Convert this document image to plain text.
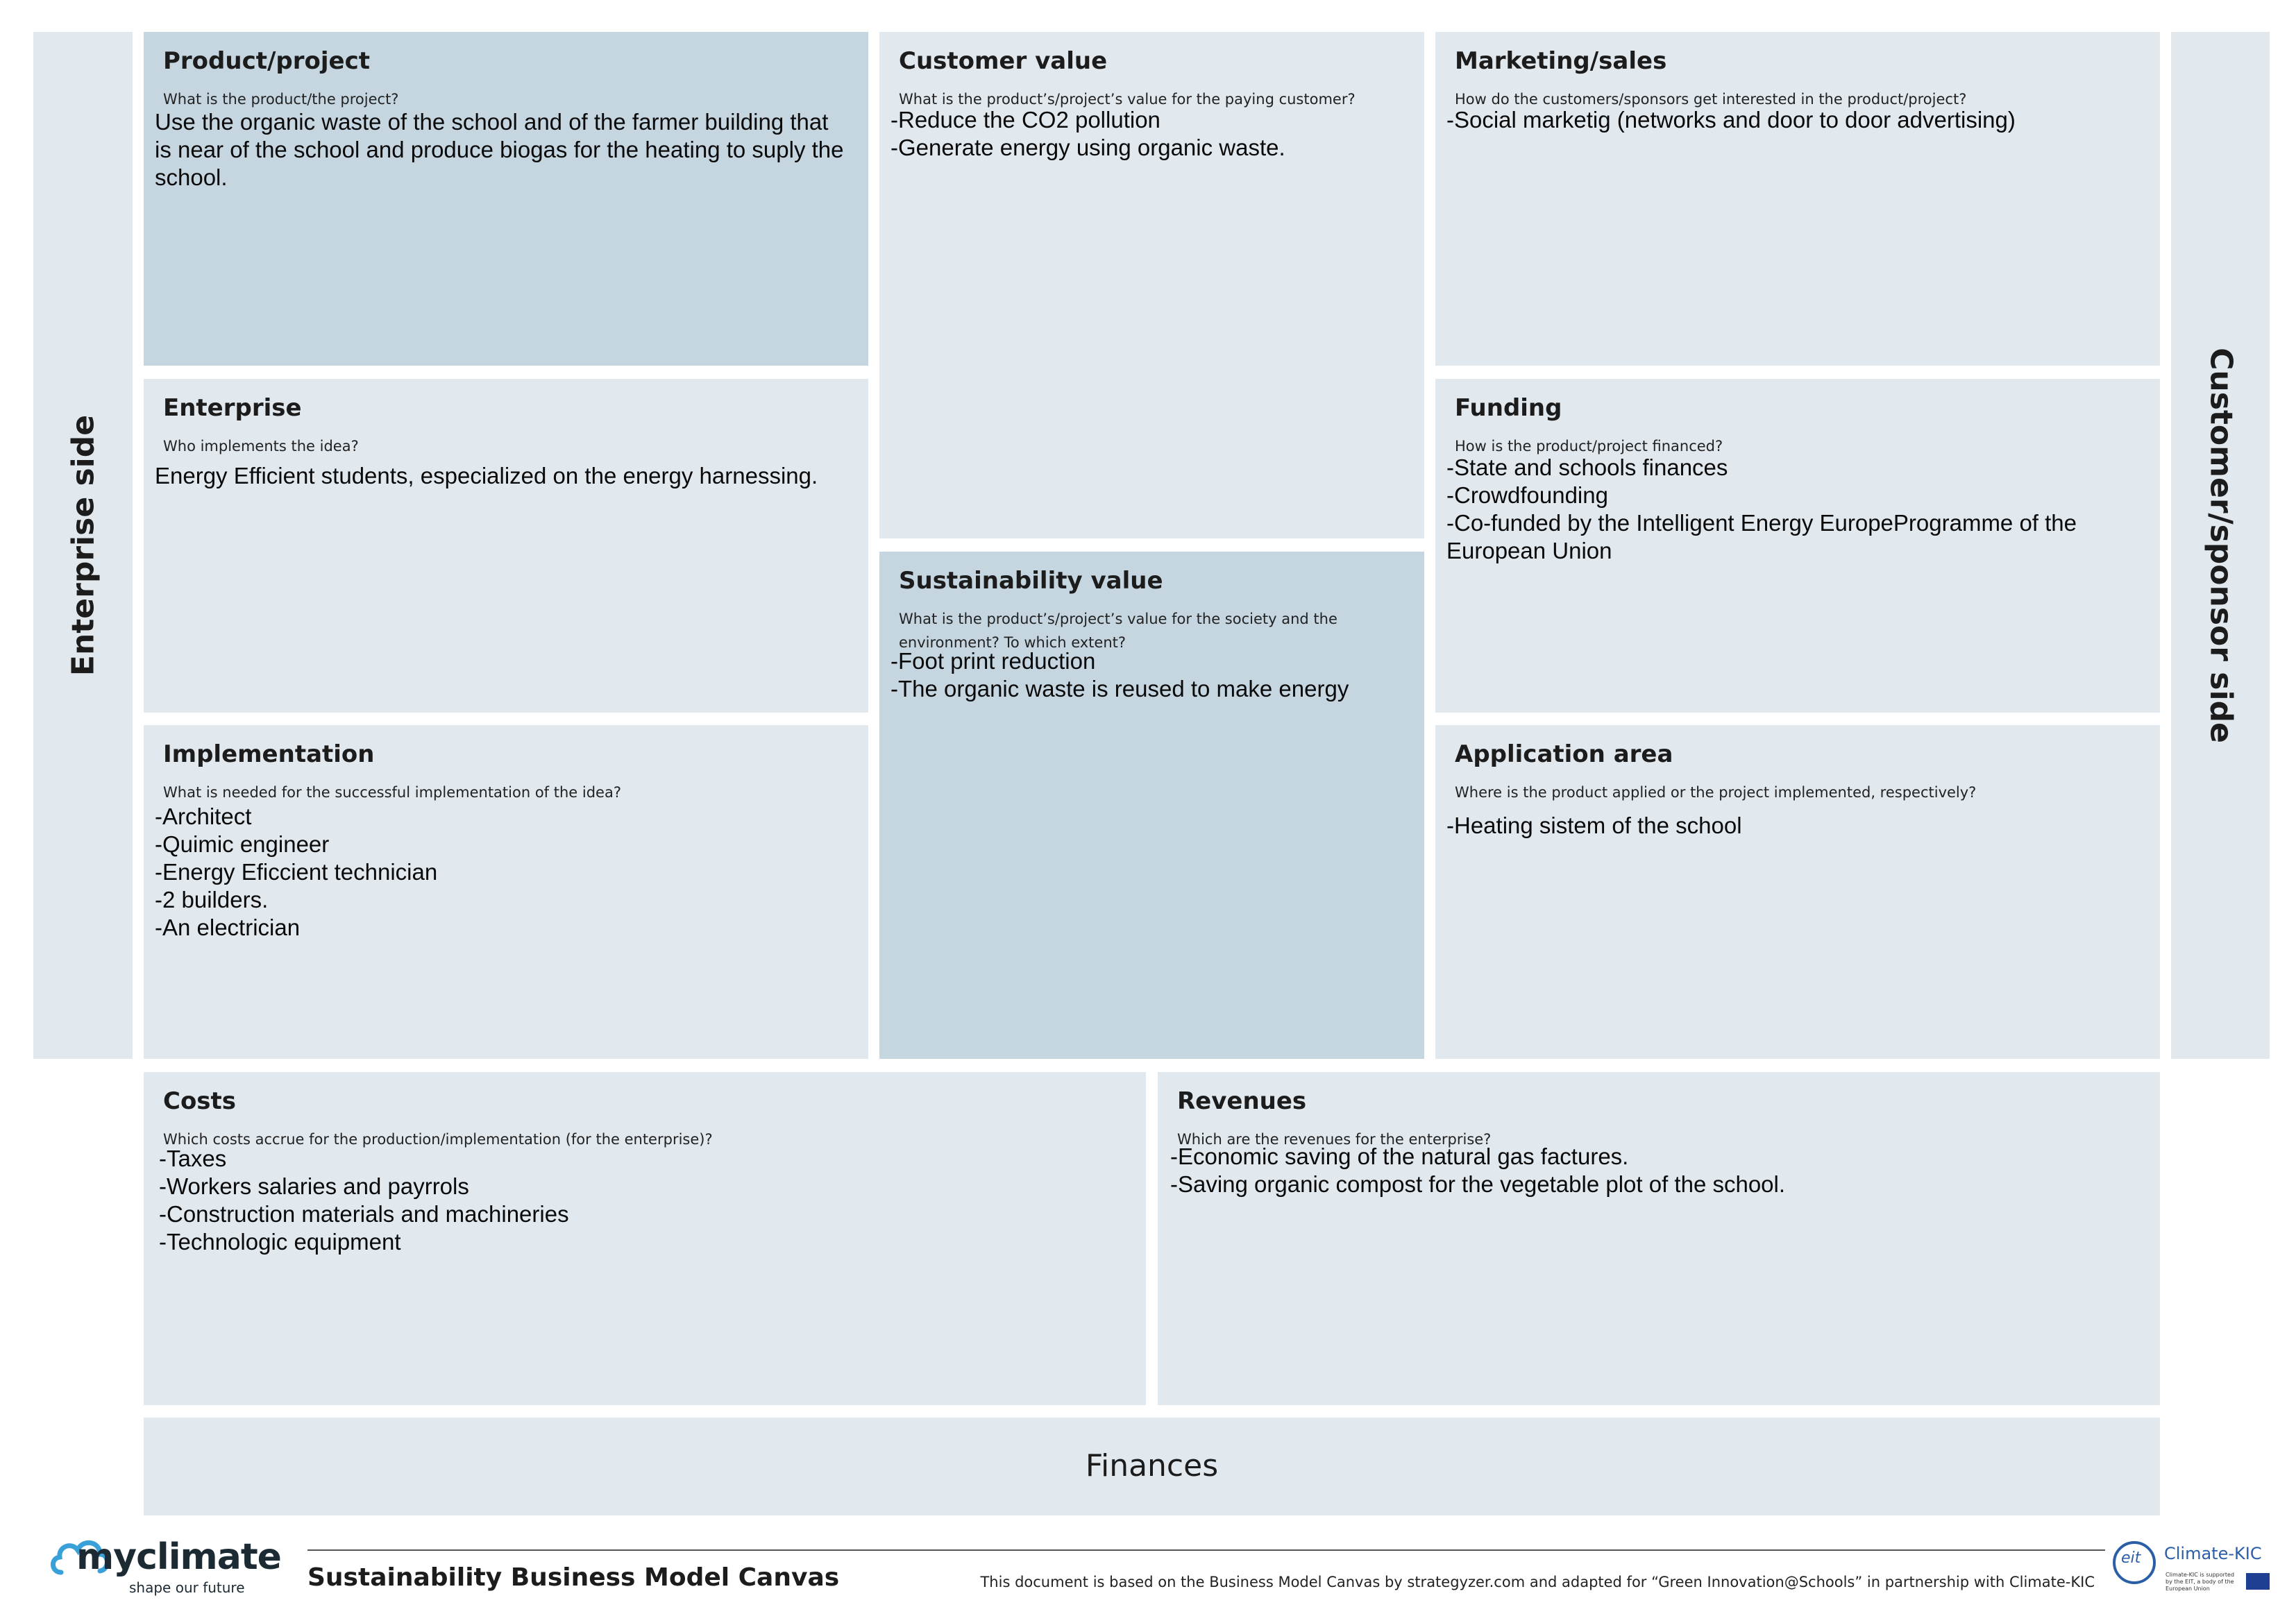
Enterprise side	Customer/sponsor side
Product/project
What is the product/the project?
Use the organic waste of the school and of the farmer building that is near of the school and produce biogas for the heating to suply the school.
Enterprise
Who implements the idea?
Energy Efficient students, especialized on the energy harnessing.
Implementation
What is needed for the successful implementation of the idea?
-Architect
-Quimic engineer
-Energy Eficcient technician
-2 builders.
-An electrician
Customer value
What is the product’s/project’s value for the paying customer?
-Reduce the CO2 pollution
-Generate energy using organic waste.
Sustainability value
What is the product’s/project’s value for the society and the environment? To which extent?
-Foot print reduction
-The organic waste is reused to make energy
Marketing/sales
How do the customers/sponsors get interested in the product/project?
-Social marketig (networks and door to door advertising)
Funding
How is the product/project financed?
-State and schools finances
-Crowdfounding
-Co-funded by the Intelligent Energy EuropeProgramme of the European Union
Application area
Where is the product applied or the project implemented, respectively?
-Heating sistem of the school
Costs
Which costs accrue for the production/implementation (for the enterprise)?
-Taxes
-Workers salaries and payrrols
-Construction materials and machineries
-Technologic equipment
Revenues
Which are the revenues for the enterprise?
-Economic saving of the natural gas factures.
-Saving organic compost for the vegetable plot of the school.
Finances
myclimate
shape our future	Sustainability Business Model Canvas	This document is based on the Business Model Canvas by strategyzer.com and adapted for “Green Innovation@Schools” in partnership with Climate-KIC
eit Climate-KIC
Climate-KIC is supported by the EIT, a body of the European Union
